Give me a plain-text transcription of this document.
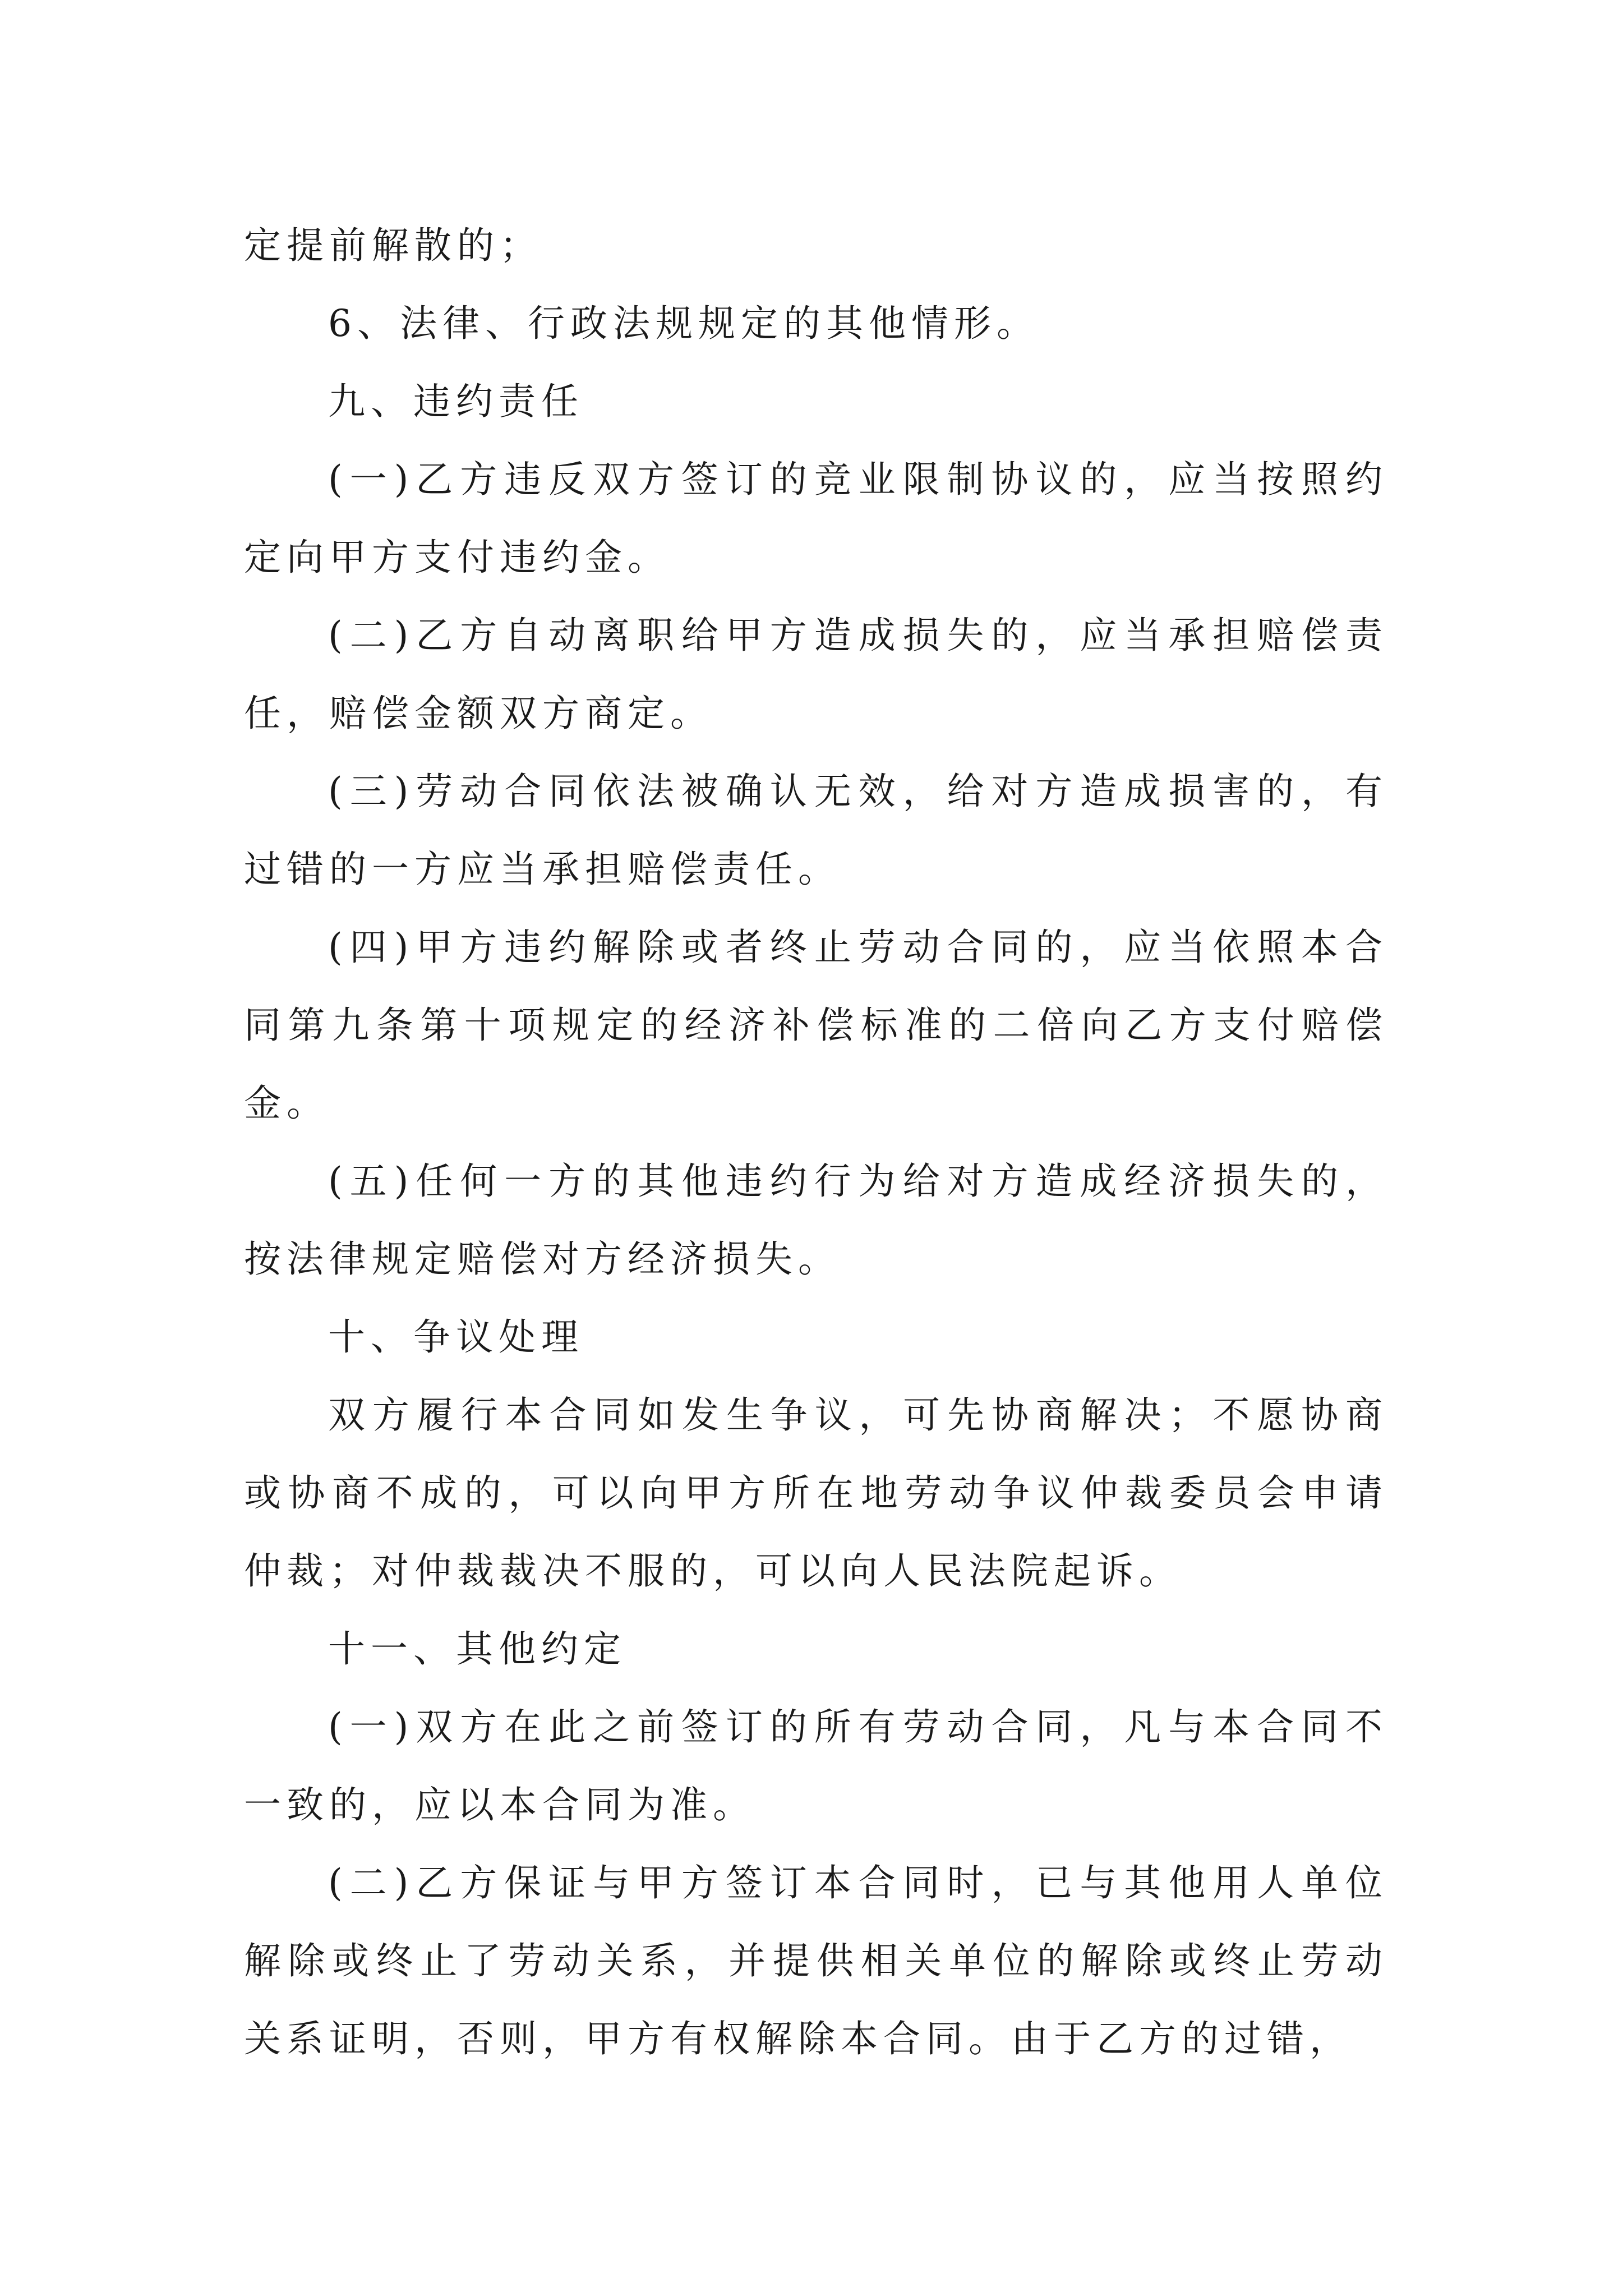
定提前解散的；

6、法律、行政法规规定的其他情形。

九、违约责任

(一)乙方违反双方签订的竞业限制协议的，应当按照约定向甲方支付违约金。

(二)乙方自动离职给甲方造成损失的，应当承担赔偿责任，赔偿金额双方商定。

(三)劳动合同依法被确认无效，给对方造成损害的，有过错的一方应当承担赔偿责任。

(四)甲方违约解除或者终止劳动合同的，应当依照本合同第九条第十项规定的经济补偿标准的二倍向乙方支付赔偿金。

(五)任何一方的其他违约行为给对方造成经济损失的，按法律规定赔偿对方经济损失。

十、争议处理

双方履行本合同如发生争议，可先协商解决；不愿协商或协商不成的，可以向甲方所在地劳动争议仲裁委员会申请仲裁；对仲裁裁决不服的，可以向人民法院起诉。

十一、其他约定

(一)双方在此之前签订的所有劳动合同，凡与本合同不一致的，应以本合同为准。

(二)乙方保证与甲方签订本合同时，已与其他用人单位解除或终止了劳动关系，并提供相关单位的解除或终止劳动关系证明，否则，甲方有权解除本合同。由于乙方的过错，
